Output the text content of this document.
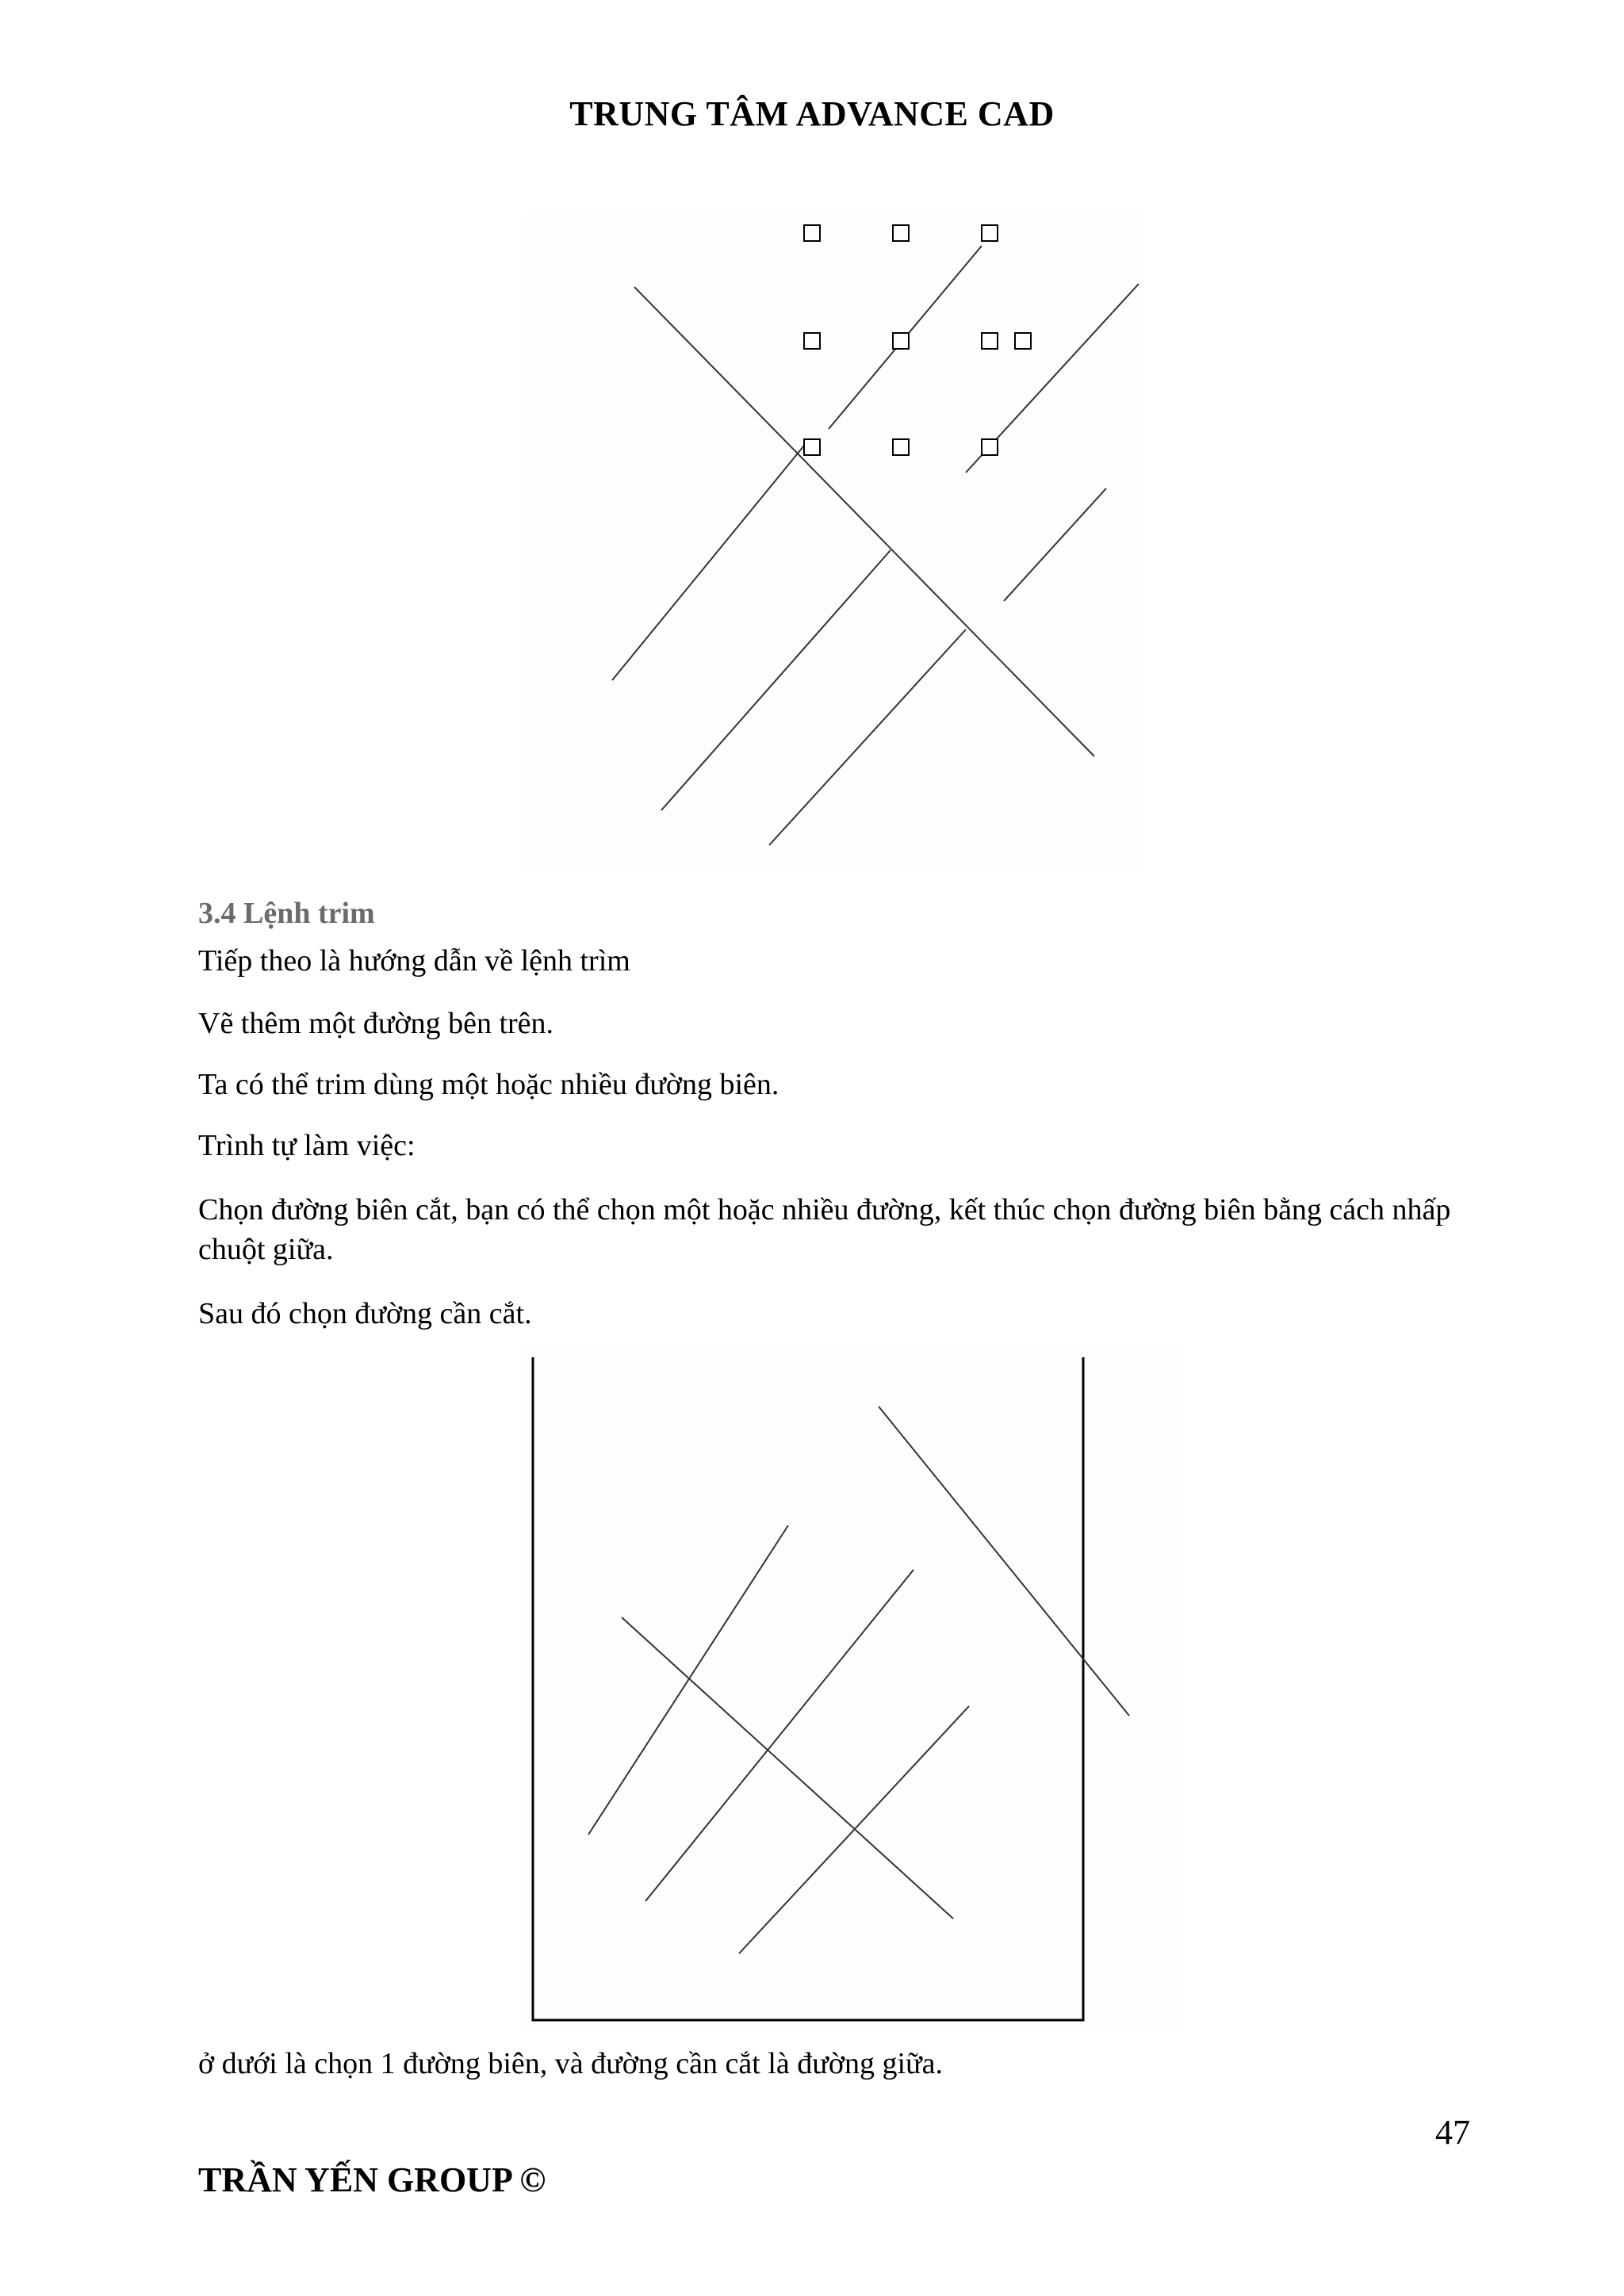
TRUNG TÂM ADVANCE CAD
3.4 Lệnh trim
Tiếp theo là hướng dẫn về lệnh trìm
Vẽ thêm một đường bên trên.
Ta có thể trim dùng một hoặc nhiều đường biên.
Trình tự làm việc:
Chọn đường biên cắt, bạn có thể chọn một hoặc nhiều đường, kết thúc chọn đường biên bằng cách nhấp chuột giữa.
Sau đó chọn đường cần cắt.
ở dưới là chọn 1 đường biên, và đường cần cắt là đường giữa.
47
TRẦN YẾN GROUP ©
